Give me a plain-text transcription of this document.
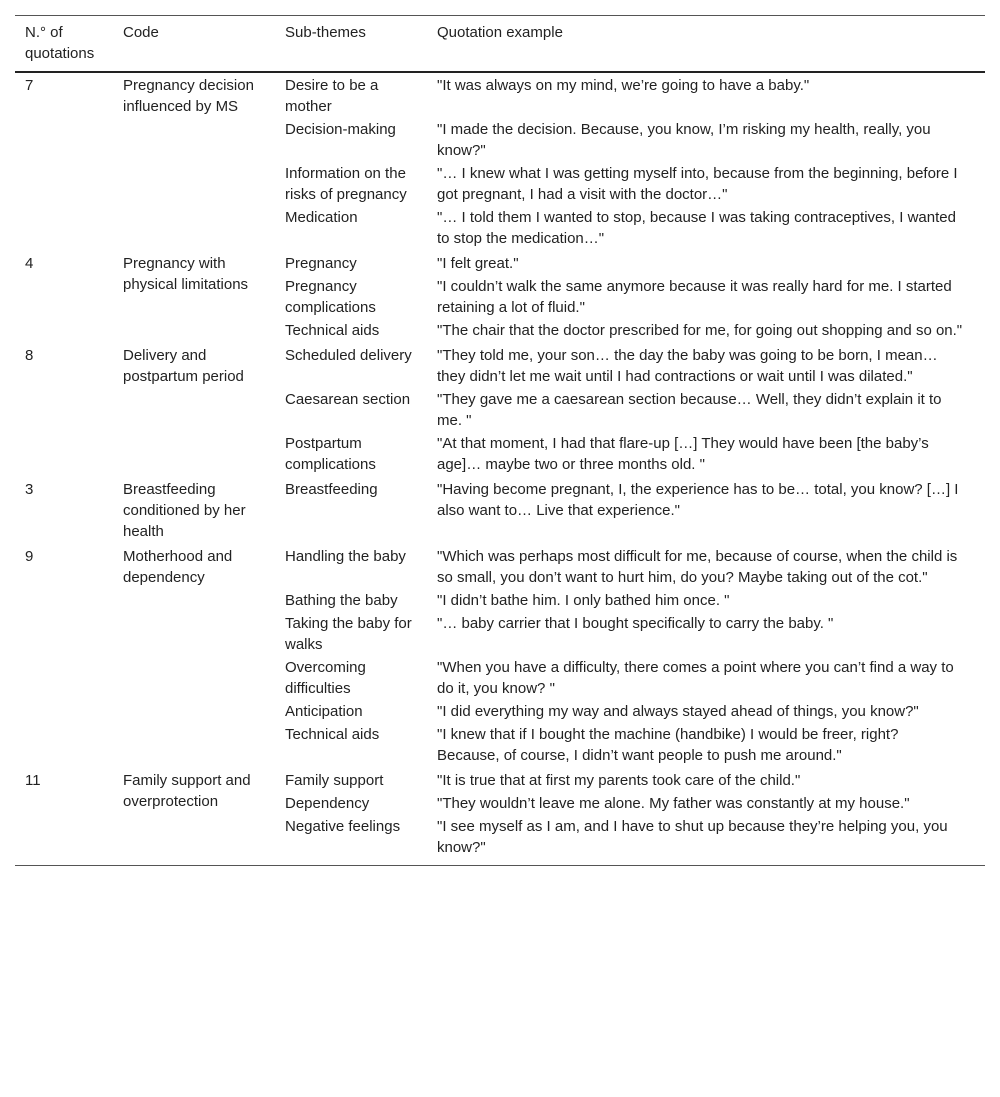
N.° of quotations	Code	Sub-themes	Quotation example
7	Pregnancy decision influenced by MS	Desire to be a mother	"It was always on my mind, we’re going to have a baby."
		Decision-making	"I made the decision. Because, you know, I’m risking my health, really, you know?"
		Information on the risks of pregnancy	"… I knew what I was getting myself into, because from the beginning, before I got pregnant, I had a visit with the doctor…"
		Medication	"… I told them I wanted to stop, because I was taking contraceptives, I wanted to stop the medication…"
4	Pregnancy with physical limitations	Pregnancy	"I felt great."
		Pregnancy complications	"I couldn’t walk the same anymore because it was really hard for me. I started retaining a lot of fluid."
		Technical aids	"The chair that the doctor prescribed for me, for going out shopping and so on."
8	Delivery and postpartum period	Scheduled delivery	"They told me, your son… the day the baby was going to be born, I mean… they didn’t let me wait until I had contractions or wait until I was dilated."
		Caesarean section	"They gave me a caesarean section because… Well, they didn’t explain it to me. "
		Postpartum complications	"At that moment, I had that flare-up […] They would have been [the baby’s age]… maybe two or three months old. "
3	Breastfeeding conditioned by her health	Breastfeeding	"Having become pregnant, I, the experience has to be… total, you know? […] I also want to… Live that experience."
9	Motherhood and dependency	Handling the baby	"Which was perhaps most difficult for me, because of course, when the child is so small, you don’t want to hurt him, do you? Maybe taking out of the cot."
		Bathing the baby	"I didn’t bathe him. I only bathed him once. "
		Taking the baby for walks	"… baby carrier that I bought specifically to carry the baby. "
		Overcoming difficulties	"When you have a difficulty, there comes a point where you can’t find a way to do it, you know? "
		Anticipation	"I did everything my way and always stayed ahead of things, you know?"
		Technical aids	"I knew that if I bought the machine (handbike) I would be freer, right? Because, of course, I didn’t want people to push me around."
11	Family support and overprotection	Family support	"It is true that at first my parents took care of the child."
		Dependency	"They wouldn’t leave me alone. My father was constantly at my house."
		Negative feelings	"I see myself as I am, and I have to shut up because they’re helping you, you know?"
